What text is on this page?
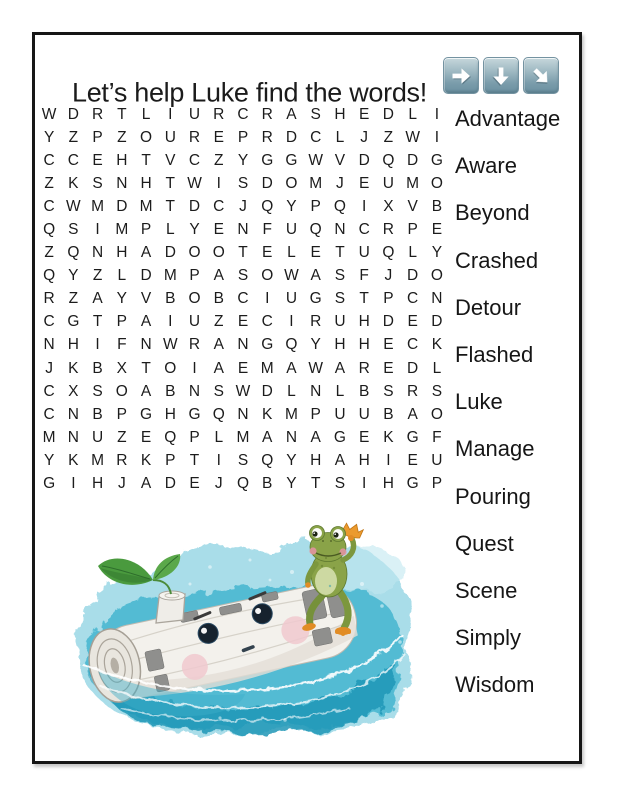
Let’s help Luke find the words!
W D R T L	I	U R C R A S H E D L	I
Y Z P Z O U R E P R D C L	J	Z W I
C C E H T V C Z Y G G W V D Q D G
Z K S N H T W I	S D O M J E U M O
C W M D M T D C J Q Y P Q	I	X V B
Q S	I	M P L Y E N F U Q N C R P E
Z Q N H A D O O T E L E T U Q L Y
Q Y Z L D M P A S O W A S F	J D O
R Z A Y V B O B C	I	U G S T P C N
C G T P A	I	U Z E C	I	R U H D E D
N H	I	F N W R A N G Q Y H H E C K
J K B X T O	I	A E M A W A R E D L
C X S O A B N S W D L N L B S R S
C N B P G H G Q N K M P U U B A O
M N U Z E Q P L M A N A G E K G F
Y K M R K P T	I	S Q Y H A H	I	E U
G	I	H J A D E J Q B Y T S	I	H G P
Advantage
Aware
Beyond
Crashed
Detour
Flashed
Luke
Manage
Pouring
Quest
Scene
Simply
Wisdom
